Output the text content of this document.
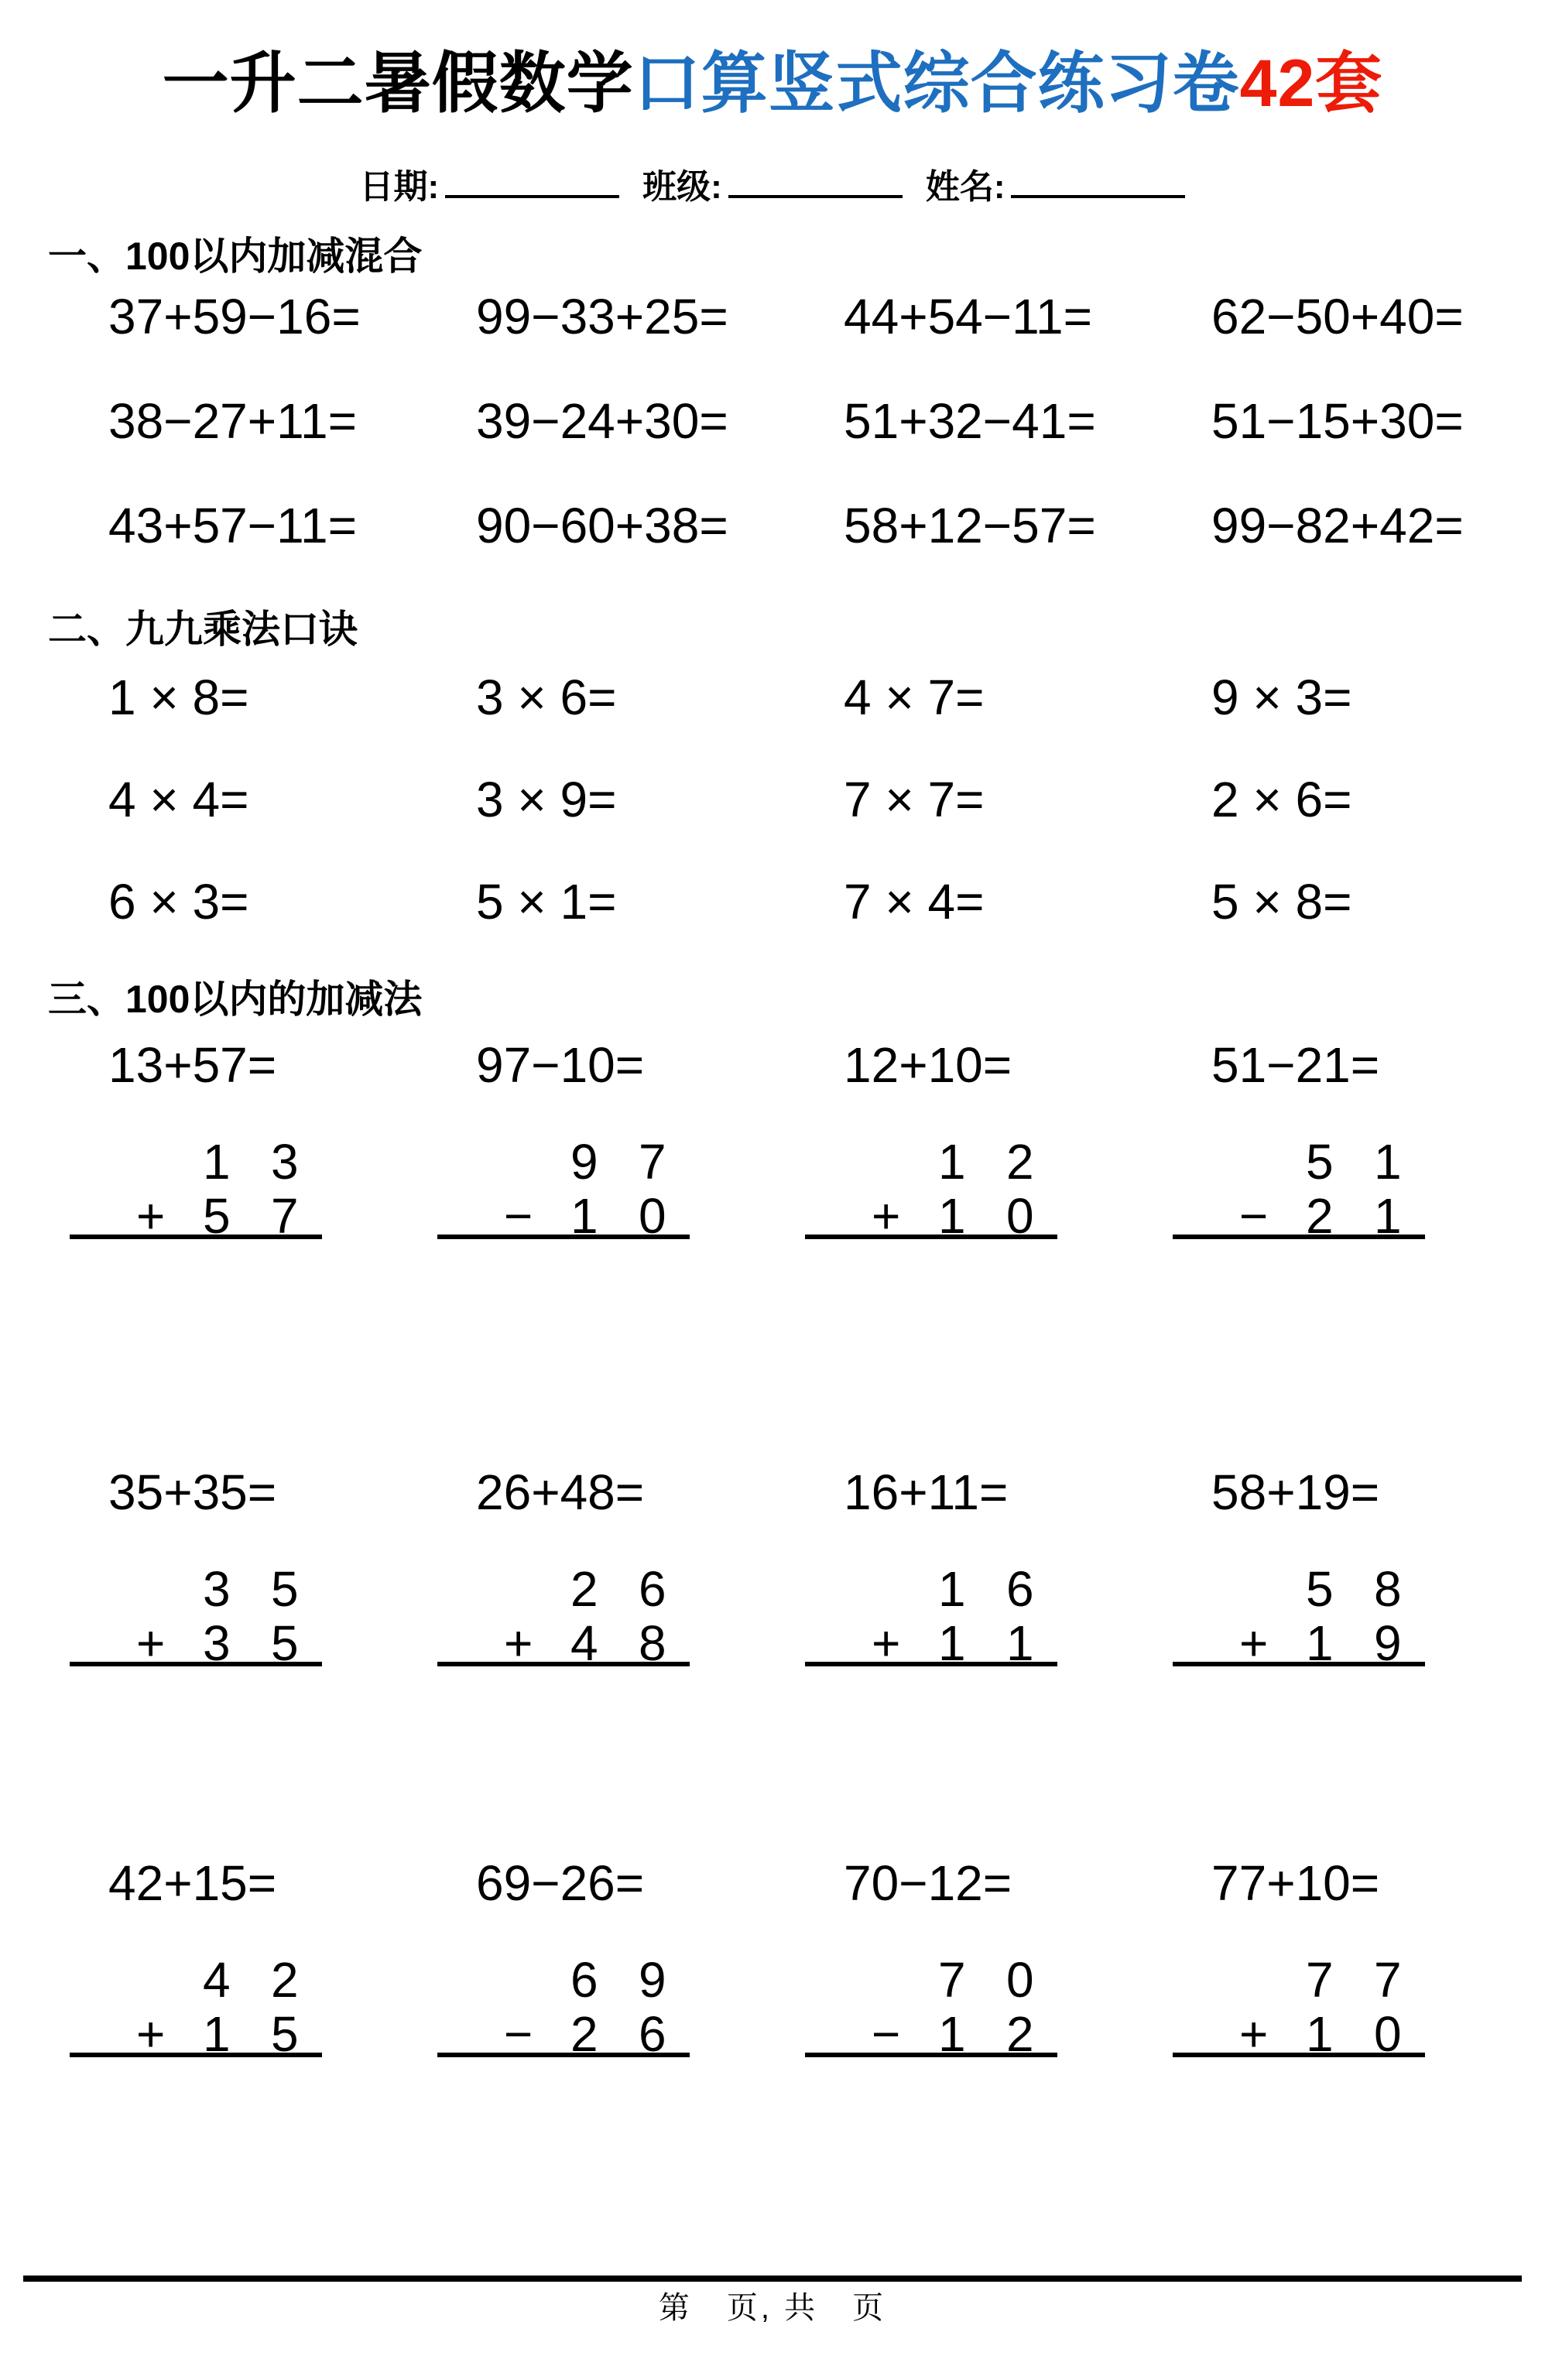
一升二暑假数学口算竖式综合练习卷42套
日期:	班级:	姓名:
一、100以内加减混合
37+59−16=	99−33+25=	44+54−11=	62−50+40=
38−27+11=	39−24+30=	51+32−41=	51−15+30=
43+57−11=	90−60+38=	58+12−57=	99−82+42=
二、九九乘法口诀
1 × 8=	3 × 6=	4 × 7=	9 × 3=
4 × 4=	3 × 9=	7 × 7=	2 × 6=
6 × 3=	5 × 1=	7 × 4=	5 × 8=
三、100以内的加减法
13+57=
1 3
+ 5 7
97−10=
9 7
− 1 0
12+10=
1 2
+ 1 0
51−21=
5 1
− 2 1
35+35=
3 5
+ 3 5
26+48=
2 6
+ 4 8
16+11=
1 6
+ 1 1
58+19=
5 8
+ 1 9
42+15=
4 2
+ 1 5
69−26=
6 9
− 2 6
70−12=
7 0
− 1 2
77+10=
7 7
+ 1 0
第　页, 共　页
